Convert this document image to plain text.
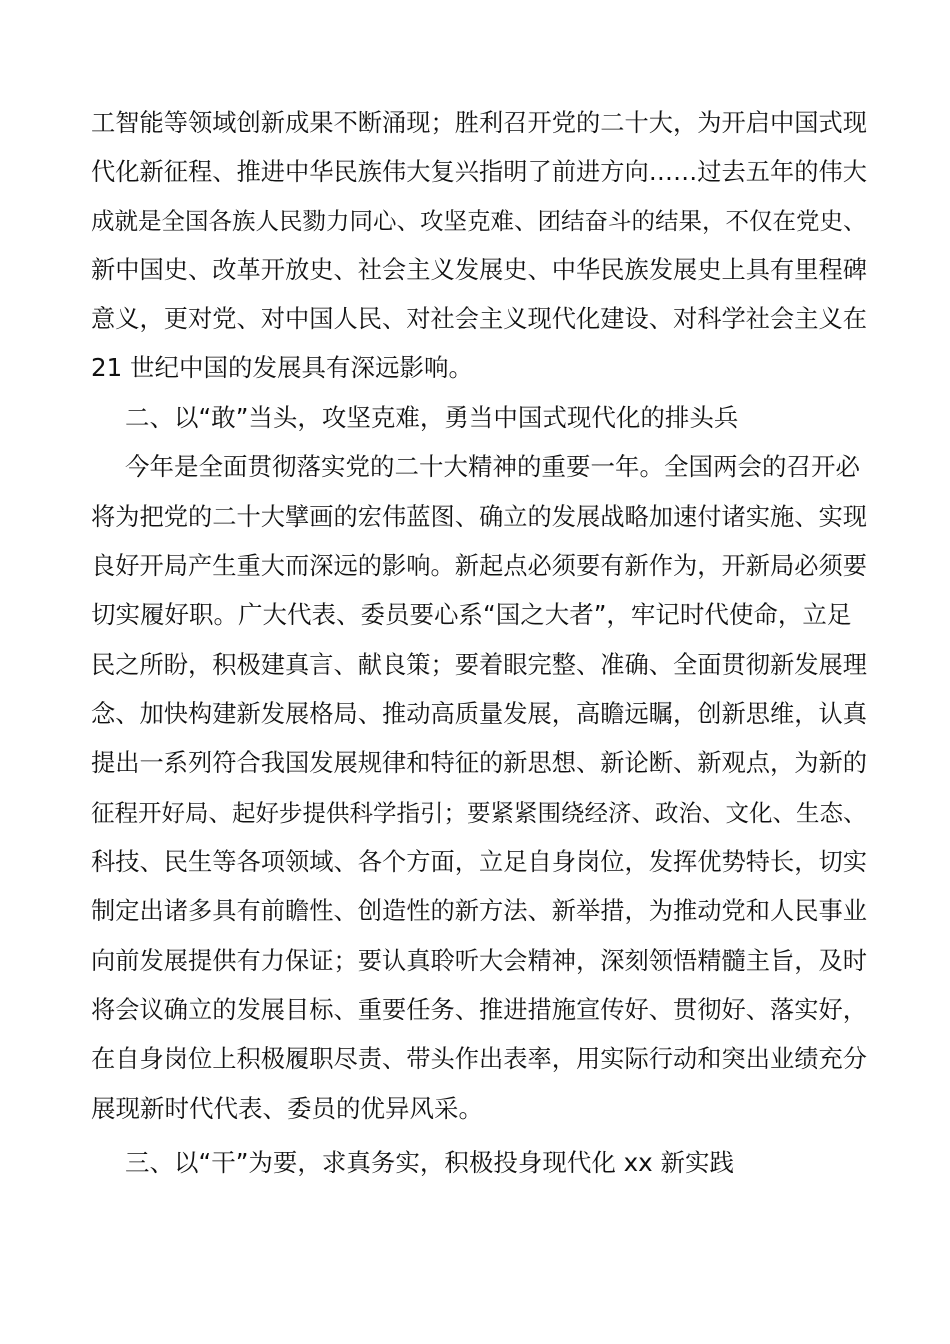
工智能等领域创新成果不断涌现；胜利召开党的二十大，为开启中国式现

代化新征程、推进中华民族伟大复兴指明了前进方向……过去五年的伟大

成就是全国各族人民勠力同心、攻坚克难、团结奋斗的结果，不仅在党史、

新中国史、改革开放史、社会主义发展史、中华民族发展史上具有里程碑

意义，更对党、对中国人民、对社会主义现代化建设、对科学社会主义在

21 世纪中国的发展具有深远影响。

二、以“敢”当头，攻坚克难，勇当中国式现代化的排头兵

今年是全面贯彻落实党的二十大精神的重要一年。全国两会的召开必

将为把党的二十大擘画的宏伟蓝图、确立的发展战略加速付诸实施、实现

良好开局产生重大而深远的影响。新起点必须要有新作为，开新局必须要

切实履好职。广大代表、委员要心系“国之大者”，牢记时代使命，立足

民之所盼，积极建真言、献良策；要着眼完整、准确、全面贯彻新发展理

念、加快构建新发展格局、推动高质量发展，高瞻远瞩，创新思维，认真

提出一系列符合我国发展规律和特征的新思想、新论断、新观点，为新的

征程开好局、起好步提供科学指引；要紧紧围绕经济、政治、文化、生态、

科技、民生等各项领域、各个方面，立足自身岗位，发挥优势特长，切实

制定出诸多具有前瞻性、创造性的新方法、新举措，为推动党和人民事业

向前发展提供有力保证；要认真聆听大会精神，深刻领悟精髓主旨，及时

将会议确立的发展目标、重要任务、推进措施宣传好、贯彻好、落实好，

在自身岗位上积极履职尽责、带头作出表率，用实际行动和突出业绩充分

展现新时代代表、委员的优异风采。

三、以“干”为要，求真务实，积极投身现代化 xx 新实践
